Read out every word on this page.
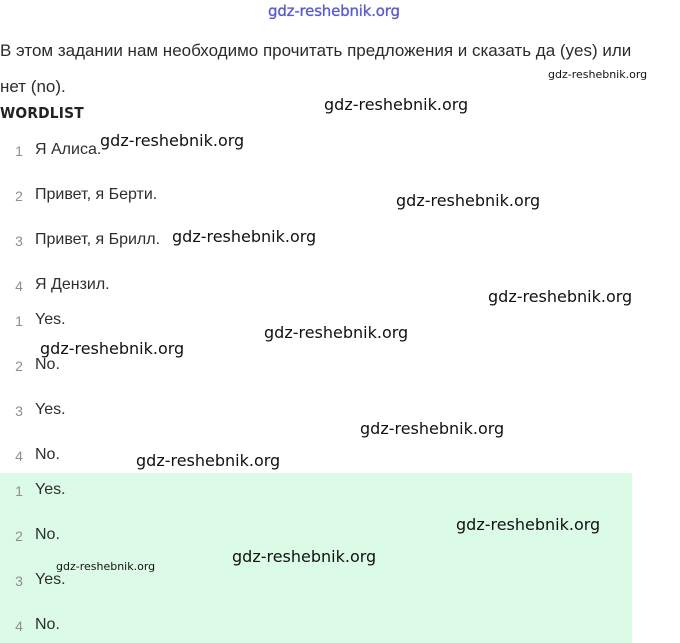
gdz-reshebnik.org
В этом задании нам необходимо прочитать предложения и сказать да (yes) или нет (no).
WORDLIST
1 Я Алиса.
2 Привет, я Берти.
3 Привет, я Брилл.
4 Я Дензил.
1 Yes.
2 No.
3 Yes.
4 No.
1 Yes.
2 No.
3 Yes.
4 No.
gdz-reshebnik.org
gdz-reshebnik.org
gdz-reshebnik.org
gdz-reshebnik.org
gdz-reshebnik.org
gdz-reshebnik.org
gdz-reshebnik.org
gdz-reshebnik.org
gdz-reshebnik.org
gdz-reshebnik.org
gdz-reshebnik.org
gdz-reshebnik.org
gdz-reshebnik.org
